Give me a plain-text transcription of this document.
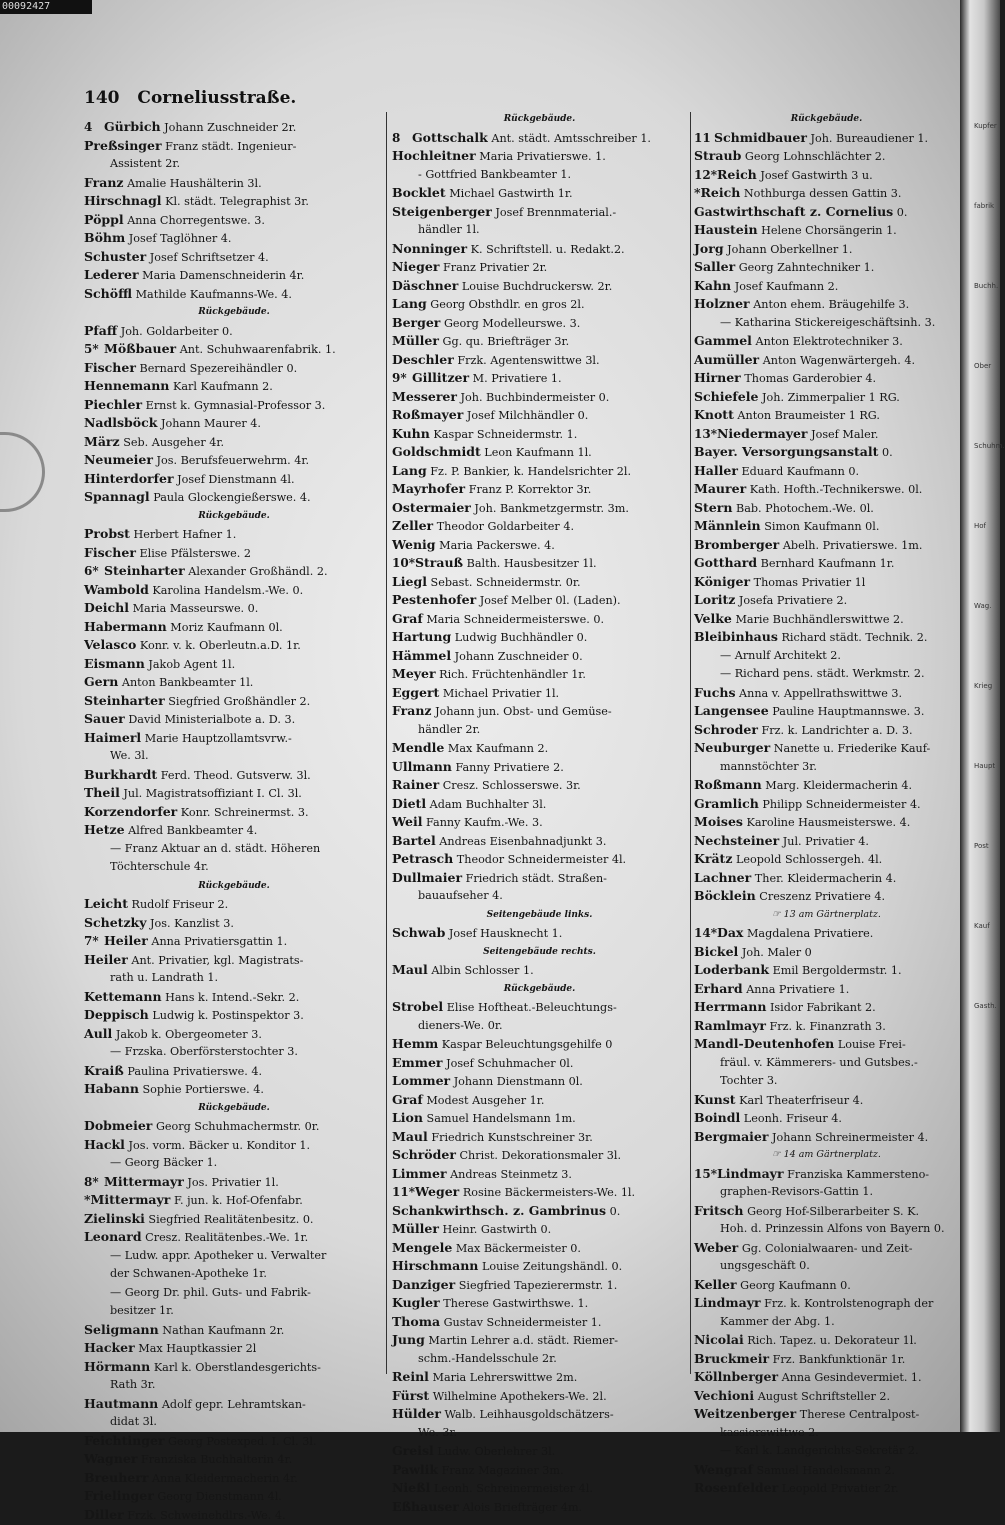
00092427
140 Corneliusstraße.
4 Gürbich Johann Zuschneider 2r.
Preßsinger Franz städt. Ingenieur-
Assistent 2r.
Franz Amalie Haushälterin 3l.
Hirschnagl Kl. städt. Telegraphist 3r.
Pöppl Anna Chorregentswe. 3.
Böhm Josef Taglöhner 4.
Schuster Josef Schriftsetzer 4.
Lederer Maria Damenschneiderin 4r.
Schöffl Mathilde Kaufmanns-We. 4.
Rückgebäude.
Pfaff Joh. Goldarbeiter 0.
5* Mößbauer Ant. Schuhwaarenfabrik. 1.
Fischer Bernard Spezereihändler 0.
Hennemann Karl Kaufmann 2.
Piechler Ernst k. Gymnasial-Professor 3.
Nadlsböck Johann Maurer 4.
März Seb. Ausgeher 4r.
Neumeier Jos. Berufsfeuerwehrm. 4r.
Hinterdorfer Josef Dienstmann 4l.
Spannagl Paula Glockengießerswe. 4.
Rückgebäude.
Probst Herbert Hafner 1.
Fischer Elise Pfälsterswe. 2
6* Steinharter Alexander Großhändl. 2.
Wambold Karolina Handelsm.-We. 0.
Deichl Maria Masseurswe. 0.
Habermann Moriz Kaufmann 0l.
Velasco Konr. v. k. Oberleutn.a.D. 1r.
Eismann Jakob Agent 1l.
Gern Anton Bankbeamter 1l.
Steinharter Siegfried Großhändler 2.
Sauer David Ministerialbote a. D. 3.
Haimerl Marie Hauptzollamtsvrw.-
We. 3l.
Burkhardt Ferd. Theod. Gutsverw. 3l.
Theil Jul. Magistratsoffiziant I. Cl. 3l.
Korzendorfer Konr. Schreinermst. 3.
Hetze Alfred Bankbeamter 4.
— Franz Aktuar an d. städt. Höheren
Töchterschule 4r.
Rückgebäude.
Leicht Rudolf Friseur 2.
Schetzky Jos. Kanzlist 3.
7* Heiler Anna Privatiersgattin 1.
Heiler Ant. Privatier, kgl. Magistrats-
rath u. Landrath 1.
Kettemann Hans k. Intend.-Sekr. 2.
Deppisch Ludwig k. Postinspektor 3.
Aull Jakob k. Obergeometer 3.
— Frzska. Oberförsterstochter 3.
Kraiß Paulina Privatierswe. 4.
Habann Sophie Portierswe. 4.
Rückgebäude.
Dobmeier Georg Schuhmachermstr. 0r.
Hackl Jos. vorm. Bäcker u. Konditor 1.
— Georg Bäcker 1.
8* Mittermayr Jos. Privatier 1l.
*Mittermayr F. jun. k. Hof-Ofenfabr.
Zielinski Siegfried Realitätenbesitz. 0.
Leonard Cresz. Realitätenbes.-We. 1r.
— Ludw. appr. Apotheker u. Verwalter
der Schwanen-Apotheke 1r.
— Georg Dr. phil. Guts- und Fabrik-
besitzer 1r.
Seligmann Nathan Kaufmann 2r.
Hacker Max Hauptkassier 2l
Hörmann Karl k. Oberstlandesgerichts-
Rath 3r.
Hautmann Adolf gepr. Lehramtskan-
didat 3l.
Feichtinger Georg Postexped. I. Cl. 3l.
Wagner Franziska Buchhalterin 4r.
Breuherr Anna Kleidermacherin 4r.
Frielinger Georg Dienstmann 4l.
Diller Frzk. Schweinehdlrs.-We. 4.
Rückgebäude.
8 Gottschalk Ant. städt. Amtsschreiber 1.
Hochleitner Maria Privatierswe. 1.
- Gottfried Bankbeamter 1.
Bocklet Michael Gastwirth 1r.
Steigenberger Josef Brennmaterial.-
händler 1l.
Nonninger K. Schriftstell. u. Redakt.2.
Nieger Franz Privatier 2r.
Däschner Louise Buchdruckersw. 2r.
Lang Georg Obsthdlr. en gros 2l.
Berger Georg Modelleurswe. 3.
Müller Gg. qu. Briefträger 3r.
Deschler Frzk. Agentenswittwe 3l.
9* Gillitzer M. Privatiere 1.
Messerer Joh. Buchbindermeister 0.
Roßmayer Josef Milchhändler 0.
Kuhn Kaspar Schneidermstr. 1.
Goldschmidt Leon Kaufmann 1l.
Lang Fz. P. Bankier, k. Handelsrichter 2l.
Mayrhofer Franz P. Korrektor 3r.
Ostermaier Joh. Bankmetzgermstr. 3m.
Zeller Theodor Goldarbeiter 4.
Wenig Maria Packerswe. 4.
10*Strauß Balth. Hausbesitzer 1l.
Liegl Sebast. Schneidermstr. 0r.
Pestenhofer Josef Melber 0l. (Laden).
Graf Maria Schneidermeisterswe. 0.
Hartung Ludwig Buchhändler 0.
Hämmel Johann Zuschneider 0.
Meyer Rich. Früchtenhändler 1r.
Eggert Michael Privatier 1l.
Franz Johann jun. Obst- und Gemüse-
händler 2r.
Mendle Max Kaufmann 2.
Ullmann Fanny Privatiere 2.
Rainer Cresz. Schlosserswe. 3r.
Dietl Adam Buchhalter 3l.
Weil Fanny Kaufm.-We. 3.
Bartel Andreas Eisenbahnadjunkt 3.
Petrasch Theodor Schneidermeister 4l.
Dullmaier Friedrich städt. Straßen-
bauaufseher 4.
Seitengebäude links.
Schwab Josef Hausknecht 1.
Seitengebäude rechts.
Maul Albin Schlosser 1.
Rückgebäude.
Strobel Elise Hoftheat.-Beleuchtungs-
dieners-We. 0r.
Hemm Kaspar Beleuchtungsgehilfe 0
Emmer Josef Schuhmacher 0l.
Lommer Johann Dienstmann 0l.
Graf Modest Ausgeher 1r.
Lion Samuel Handelsmann 1m.
Maul Friedrich Kunstschreiner 3r.
Schröder Christ. Dekorationsmaler 3l.
Limmer Andreas Steinmetz 3.
11*Weger Rosine Bäckermeisters-We. 1l.
Schankwirthsch. z. Gambrinus 0.
Müller Heinr. Gastwirth 0.
Mengele Max Bäckermeister 0.
Hirschmann Louise Zeitungshändl. 0.
Danziger Siegfried Tapezierermstr. 1.
Kugler Therese Gastwirthswe. 1.
Thoma Gustav Schneidermeister 1.
Jung Martin Lehrer a.d. städt. Riemer-
schm.-Handelsschule 2r.
Reinl Maria Lehrerswittwe 2m.
Fürst Wilhelmine Apothekers-We. 2l.
Hülder Walb. Leihhausgoldschätzers-
We. 3r.
Greisl Ludw. Oberlehrer 3l.
Pawlik Franz Magaziner 3m.
Nießl Leonh. Schreinermeister 4l.
Eßhauser Alois Briefträger 4m.
Rückgebäude.
11 Schmidbauer Joh. Bureaudiener 1.
Straub Georg Lohnschlächter 2.
12*Reich Josef Gastwirth 3 u.
*Reich Nothburga dessen Gattin 3.
Gastwirthschaft z. Cornelius 0.
Haustein Helene Chorsängerin 1.
Jorg Johann Oberkellner 1.
Saller Georg Zahntechniker 1.
Kahn Josef Kaufmann 2.
Holzner Anton ehem. Bräugehilfe 3.
— Katharina Stickereigeschäftsinh. 3.
Gammel Anton Elektrotechniker 3.
Aumüller Anton Wagenwärtergeh. 4.
Hirner Thomas Garderobier 4.
Schiefele Joh. Zimmerpalier 1 RG.
Knott Anton Braumeister 1 RG.
13*Niedermayer Josef Maler.
Bayer. Versorgungsanstalt 0.
Haller Eduard Kaufmann 0.
Maurer Kath. Hofth.-Technikerswe. 0l.
Stern Bab. Photochem.-We. 0l.
Männlein Simon Kaufmann 0l.
Bromberger Abelh. Privatierswe. 1m.
Gotthard Bernhard Kaufmann 1r.
Königer Thomas Privatier 1l
Loritz Josefa Privatiere 2.
Velke Marie Buchhändlerswittwe 2.
Bleibinhaus Richard städt. Technik. 2.
— Arnulf Architekt 2.
— Richard pens. städt. Werkmstr. 2.
Fuchs Anna v. Appellrathswittwe 3.
Langensee Pauline Hauptmannswe. 3.
Schroder Frz. k. Landrichter a. D. 3.
Neuburger Nanette u. Friederike Kauf-
mannstöchter 3r.
Roßmann Marg. Kleidermacherin 4.
Gramlich Philipp Schneidermeister 4.
Moises Karoline Hausmeisterswe. 4.
Nechsteiner Jul. Privatier 4.
Krätz Leopold Schlossergeh. 4l.
Lachner Ther. Kleidermacherin 4.
Böcklein Creszenz Privatiere 4.
☞ 13 am Gärtnerplatz.
14*Dax Magdalena Privatiere.
Bickel Joh. Maler 0
Loderbank Emil Bergoldermstr. 1.
Erhard Anna Privatiere 1.
Herrmann Isidor Fabrikant 2.
Ramlmayr Frz. k. Finanzrath 3.
Mandl-Deutenhofen Louise Frei-
fräul. v. Kämmerers- und Gutsbes.-
Tochter 3.
Kunst Karl Theaterfriseur 4.
Boindl Leonh. Friseur 4.
Bergmaier Johann Schreinermeister 4.
☞ 14 am Gärtnerplatz.
15*Lindmayr Franziska Kammerstenо-
graphen-Revisors-Gattin 1.
Fritsch Georg Hof-Silberarbeiter S. K.
Hoh. d. Prinzessin Alfons von Bayern 0.
Weber Gg. Colonialwaaren- und Zeit-
ungsgeschäft 0.
Keller Georg Kaufmann 0.
Lindmayr Frz. k. Kontrolstenograph der
Kammer der Abg. 1.
Nicolai Rich. Tapez. u. Dekorateur 1l.
Bruckmeir Frz. Bankfunktionär 1r.
Köllnberger Anna Gesindevermiet. 1.
Vechioni August Schriftsteller 2.
Weitzenberger Therese Centralpost-
kassierswittwe 2.
— Karl k. Landgerichts-Sekretär 2.
Wengraf Samuel Handelsmann 2.
Rosenfelder Leopold Privatier 2r.
Kupfer
fabrik
Buchh.
Ober
Schuhm.
Hof
Wag.
Krieg
Haupt
Post
Kauf
Gasth.
